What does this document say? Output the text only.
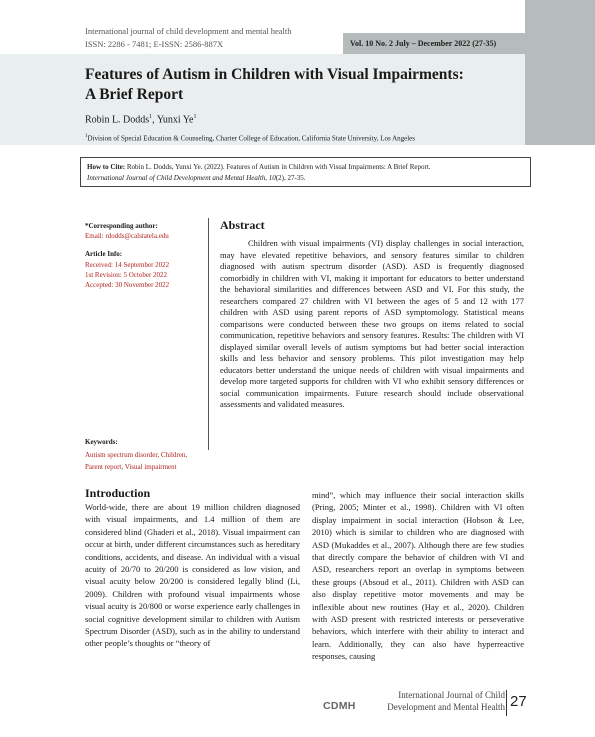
International journal of child development and mental health
ISSN: 2286 - 7481; E-ISSN: 2586-887X	Vol. 10 No. 2 July – December 2022 (27-35)
Features of Autism in Children with Visual Impairments:
A Brief Report
Robin L. Dodds$^1$, Yunxi Ye$^1$
$^1$Division of Special Education & Counseling, Charter College of Education, California State University, Los Angeles
How to Cite: Robin L. Dodds, Yunxi Ye. (2022). Features of Autism in Children with Visual Impairments: A Brief Report.
International Journal of Child Development and Mental Health, 10(2), 27-35.
*Corresponding author:
Email: rdodds@calstatela.edu
Article Info:
Received: 14 September 2022
1st Revision: 5 October 2022
Accepted: 30 November 2022
Keywords:
Autism spectrum disorder, Children,
Parent report, Visual impairment
Abstract

Children with visual impairments (VI) display challenges in social interaction, may have elevated repetitive behaviors, and sensory features similar to children diagnosed with autism spectrum disorder (ASD). ASD is frequently diagnosed comorbidly in children with VI, making it important for educators to better understand the behavioral similarities and differences between ASD and VI. For this study, the researchers compared 27 children with VI between the ages of 5 and 12 with 177 children with ASD using parent reports of ASD symptomology. Statistical means comparisons were conducted between these two groups on items related to social communication, repetitive behaviors and sensory features. Results: The children with VI displayed similar overall levels of autism symptoms but had better social interaction skills and less behavior and sensory problems. This pilot investigation may help educators better understand the unique needs of children with visual impairments and develop more targeted supports for children with VI who exhibit sensory differences or social communication impairments. Future research should include observational assessments and validated measures.

Introduction

World-wide, there are about 19 million children diagnosed with visual impairments, and 1.4 million of them are considered blind (Ghaderi et al., 2018). Visual impairment can occur at birth, under different circumstances such as hereditary conditions, accidents, and disease. An individual with a visual acuity of 20/70 to 20/200 is considered as low vision, and visual acuity below 20/200 is considered legally blind (Li, 2009). Children with profound visual impairments whose visual acuity is 20/800 or worse experience early challenges in social cognitive development similar to children with Autism Spectrum Disorder (ASD), such as in the ability to understand other people’s thoughts or “theory of

mind”, which may influence their social interaction skills (Pring, 2005; Minter et al., 1998). Children with VI often display impairment in social interaction (Hobson & Lee, 2010) which is similar to children who are diagnosed with ASD (Mukaddes et al., 2007). Although there are few studies that directly compare the behavior of children with VI and ASD, researchers report an overlap in symptoms between these groups (Absoud et al., 2011). Children with ASD can also display repetitive motor movements and may be inflexible about new routines (Hay et al., 2020). Children with ASD present with restricted interests or perseverative behaviors, which interfere with their ability to interact and learn. Additionally, they can also have hyperreactive responses, causing

CDMH
International Journal of Child
Development and Mental Health 27
